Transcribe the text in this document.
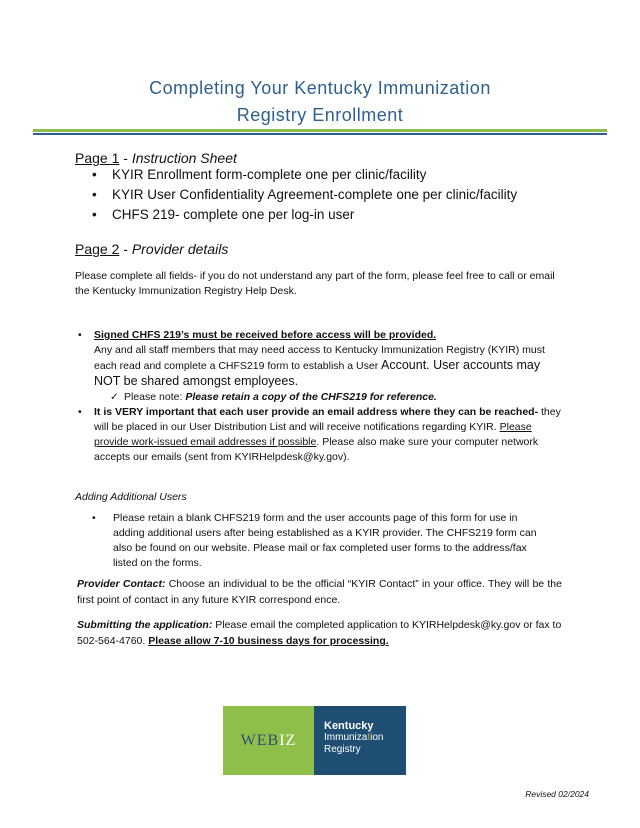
Completing Your Kentucky Immunization
Registry Enrollment
Page 1 - Instruction Sheet
• KYIR Enrollment form-complete one per clinic/facility
• KYIR User Confidentiality Agreement-complete one per clinic/facility
• CHFS 219- complete one per log-in user
Page 2 - Provider details
Please complete all fields- if you do not understand any part of the form, please feel free to call or email the Kentucky Immunization Registry Help Desk.
• Signed CHFS 219’s must be received before access will be provided.
Any and all staff members that may need access to Kentucky Immunization Registry (KYIR) must each read and complete a CHFS219 form to establish a User Account. User accounts may NOT be shared amongst employees.
✓ Please note: Please retain a copy of the CHFS219 for reference.
• It is VERY important that each user provide an email address where they can be reached- they will be placed in our User Distribution List and will receive notifications regarding KYIR. Please provide work-issued email addresses if possible. Please also make sure your computer network accepts our emails (sent from KYIRHelpdesk@ky.gov).
Adding Additional Users
• Please retain a blank CHFS219 form and the user accounts page of this form for use in adding additional users after being established as a KYIR provider. The CHFS219 form can also be found on our website. Please mail or fax completed user forms to the address/fax listed on the forms.
Provider Contact: Choose an individual to be the official “KYIR Contact” in your office. They will be the first point of contact in any future KYIR correspond ence.
Submitting the application: Please email the completed application to KYIRHelpdesk@ky.gov or fax to 502-564-4760. Please allow 7-10 business days for processing.
WEB IZ
Kentucky
Immunization
Registry
Revised 02/2024
